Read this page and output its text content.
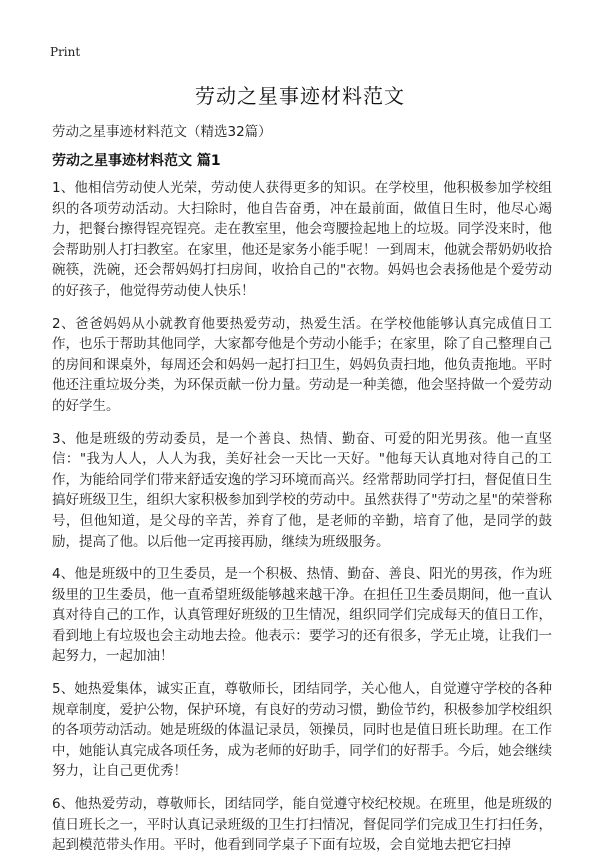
Print
劳动之星事迹材料范文
劳动之星事迹材料范文（精选32篇）
劳动之星事迹材料范文 篇1

1、他相信劳动使人光荣，劳动使人获得更多的知识。在学校里，他积极参加学校组织的各项劳动活动。大扫除时，他自告奋勇，冲在最前面，做值日生时，他尽心竭力，把餐台擦得锃亮锃亮。走在教室里，他会弯腰捡起地上的垃圾。同学没来时，他会帮助别人打扫教室。在家里，他还是家务小能手呢！一到周末，他就会帮奶奶收拾碗筷，洗碗，还会帮妈妈打扫房间，收拾自己的"衣物。妈妈也会表扬他是个爱劳动的好孩子，他觉得劳动使人快乐！

2、爸爸妈妈从小就教育他要热爱劳动，热爱生活。在学校他能够认真完成值日工作，也乐于帮助其他同学，大家都夸他是个劳动小能手；在家里，除了自己整理自己的房间和课桌外，每周还会和妈妈一起打扫卫生，妈妈负责扫地，他负责拖地。平时他还注重垃圾分类，为环保贡献一份力量。劳动是一种美德，他会坚持做一个爱劳动的好学生。

3、他是班级的劳动委员，是一个善良、热情、勤奋、可爱的阳光男孩。他一直坚信："我为人人，人人为我，美好社会一天比一天好。"他每天认真地对待自己的工作，为能给同学们带来舒适安逸的学习环境而高兴。经常帮助同学打扫，督促值日生搞好班级卫生，组织大家积极参加到学校的劳动中。虽然获得了"劳动之星"的荣誉称号，但他知道，是父母的辛苦，养育了他，是老师的辛勤，培育了他，是同学的鼓励，提高了他。以后他一定再接再励，继续为班级服务。

4、他是班级中的卫生委员，是一个积极、热情、勤奋、善良、阳光的男孩，作为班级里的卫生委员，他一直希望班级能够越来越干净。在担任卫生委员期间，他一直认真对待自己的工作，认真管理好班级的卫生情况，组织同学们完成每天的值日工作，看到地上有垃圾也会主动地去捡。他表示：要学习的还有很多，学无止境，让我们一起努力，一起加油！

5、她热爱集体，诚实正直，尊敬师长，团结同学，关心他人，自觉遵守学校的各种规章制度，爱护公物，保护环境，有良好的劳动习惯，勤俭节约，积极参加学校组织的各项劳动活动。她是班级的体温记录员，领操员，同时也是值日班长助理。在工作中，她能认真完成各项任务，成为老师的好助手，同学们的好帮手。今后，她会继续努力，让自己更优秀！

6、他热爱劳动，尊敬师长，团结同学，能自觉遵守校纪校规。在班里，他是班级的值日班长之一，平时认真记录班级的卫生打扫情况，督促同学们完成卫生打扫任务，起到模范带头作用。平时，他看到同学桌子下面有垃圾，会自觉地去把它扫掉
